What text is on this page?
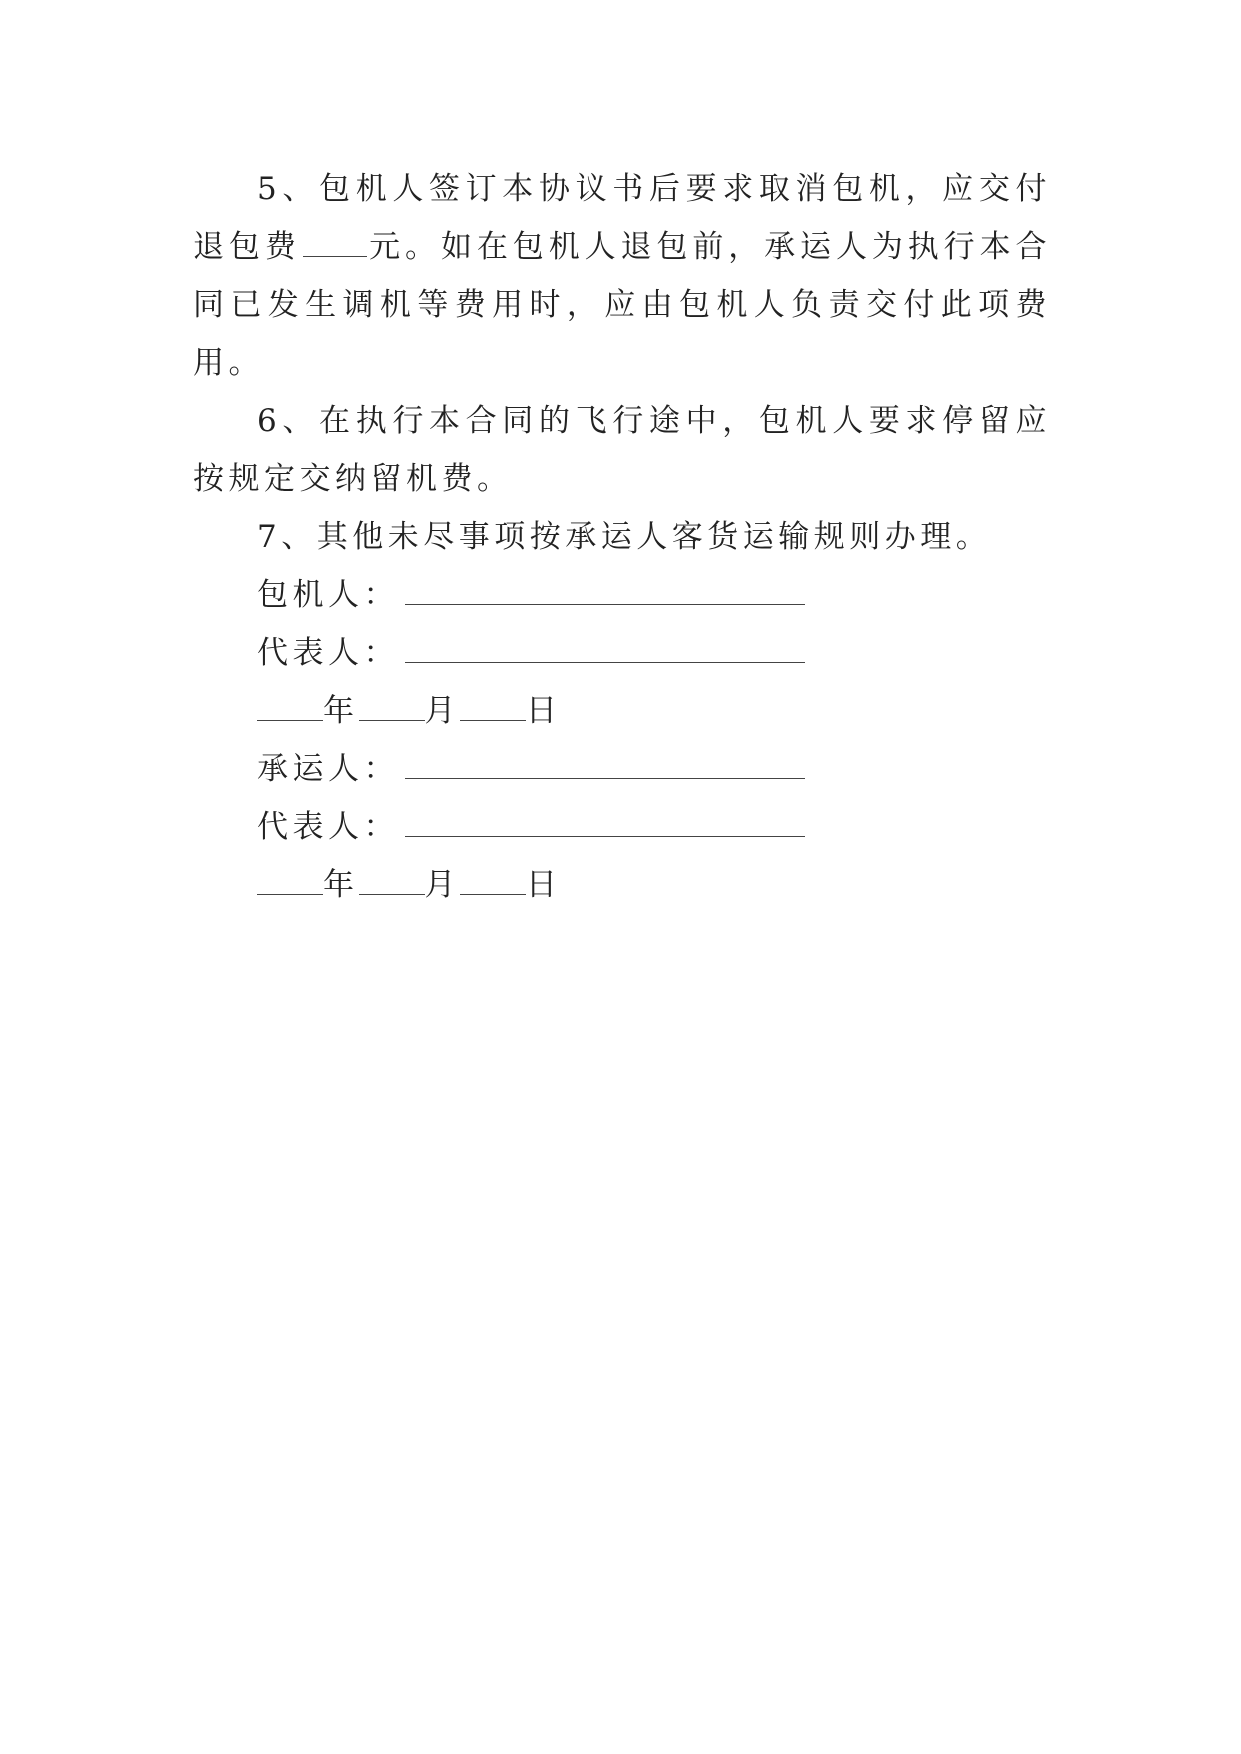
5、包机人签订本协议书后要求取消包机，应交付退包费 元。如在包机人退包前，承运人为执行本合同已发生调机等费用时，应由包机人负责交付此项费用。

6、在执行本合同的飞行途中，包机人要求停留应按规定交纳留机费。

7、其他未尽事项按承运人客货运输规则办理。

包机人：
代表人：
年 月 日
承运人：
代表人：
年 月 日
